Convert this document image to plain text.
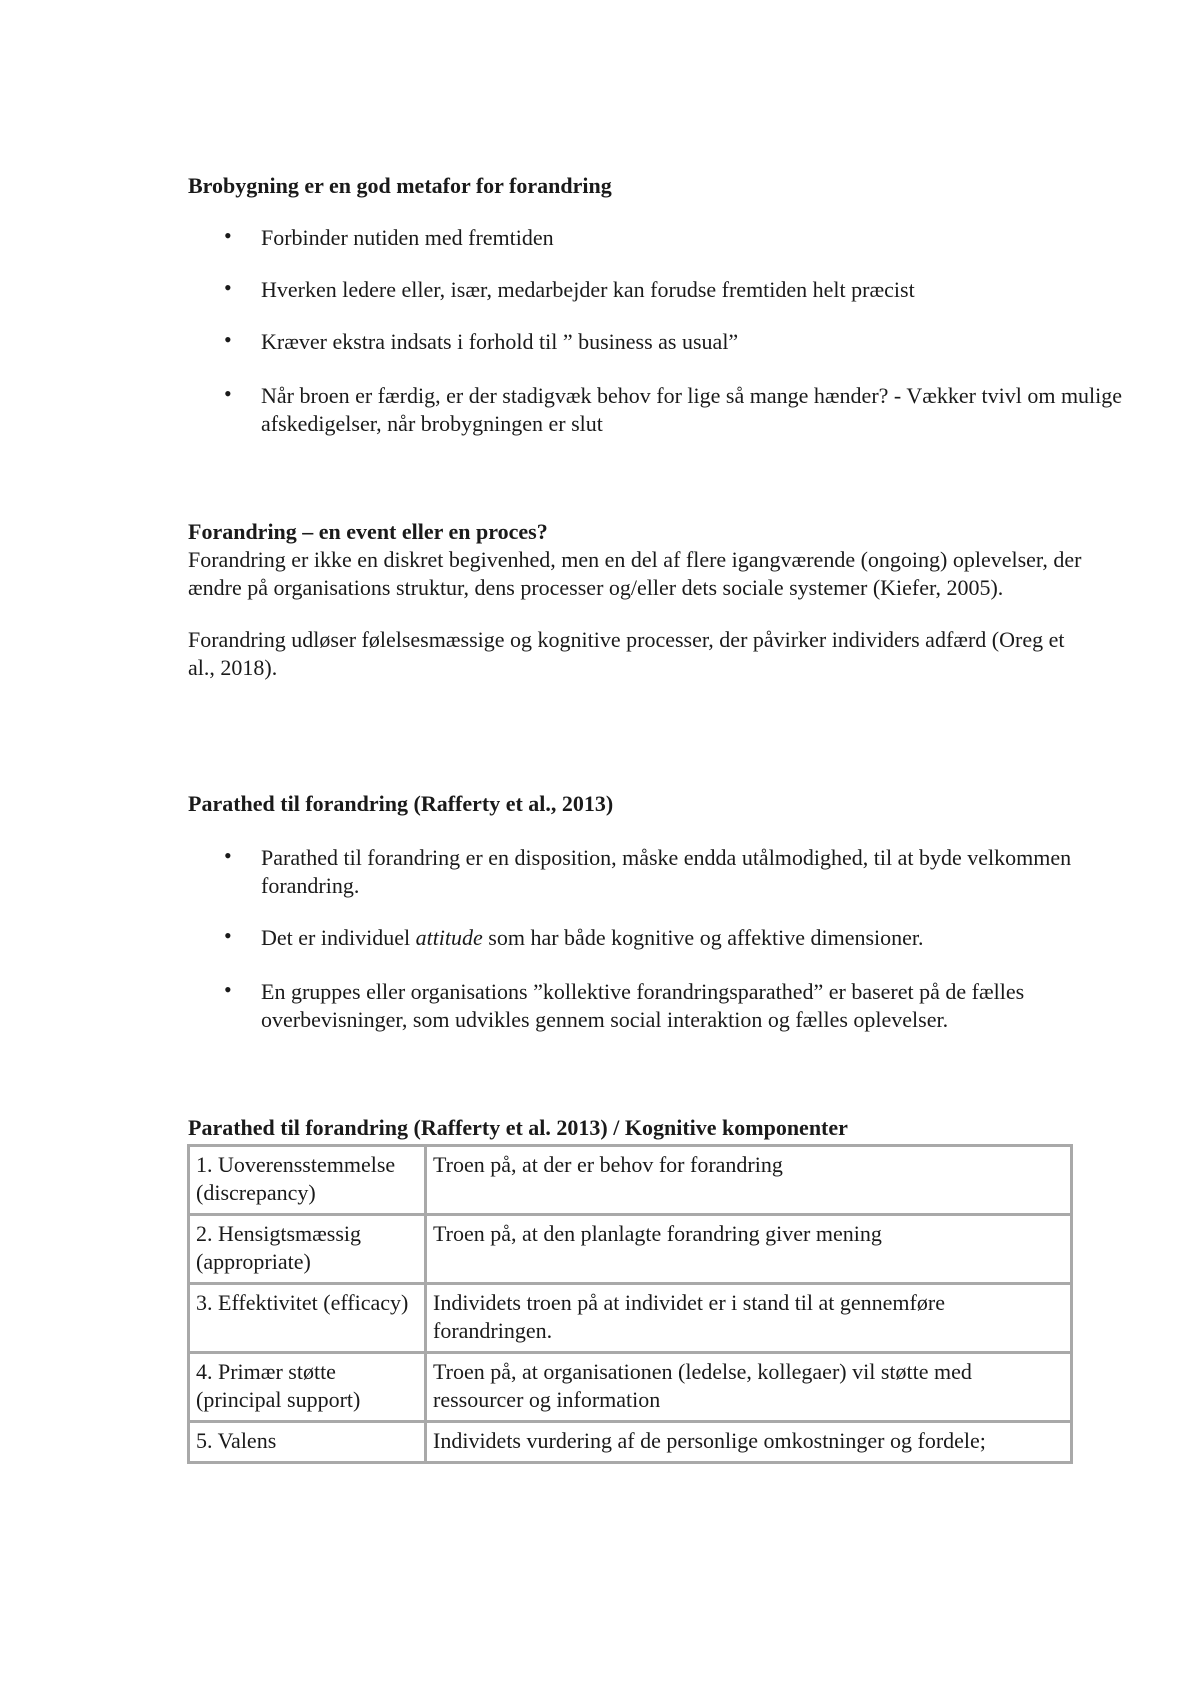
Brobygning er en god metafor for forandring

• Forbinder nutiden med fremtiden
• Hverken ledere eller, især, medarbejder kan forudse fremtiden helt præcist
• Kræver ekstra indsats i forhold til ” business as usual”
• Når broen er færdig, er der stadigvæk behov for lige så mange hænder? - Vækker tvivl om mulige afskedigelser, når brobygningen er slut

Forandring – en event eller en proces?

Forandring er ikke en diskret begivenhed, men en del af flere igangværende (ongoing) oplevelser, der ændre på organisations struktur, dens processer og/eller dets sociale systemer (Kiefer, 2005).

Forandring udløser følelsesmæssige og kognitive processer, der påvirker individers adfærd (Oreg et al., 2018).

Parathed til forandring (Rafferty et al., 2013)

• Parathed til forandring er en disposition, måske endda utålmodighed, til at byde velkommen forandring.
• Det er individuel attitude som har både kognitive og affektive dimensioner.
• En gruppes eller organisations ”kollektive forandringsparathed” er baseret på de fælles overbevisninger, som udvikles gennem social interaktion og fælles oplevelser.

Parathed til forandring (Rafferty et al. 2013) / Kognitive komponenter

1. Uoverensstemmelse (discrepancy)	Troen på, at der er behov for forandring
2. Hensigtsmæssig (appropriate)	Troen på, at den planlagte forandring giver mening
3. Effektivitet (efficacy)	Individets troen på at individet er i stand til at gennemføre forandringen.
4. Primær støtte (principal support)	Troen på, at organisationen (ledelse, kollegaer) vil støtte med ressourcer og information
5. Valens	Individets vurdering af de personlige omkostninger og fordele;
